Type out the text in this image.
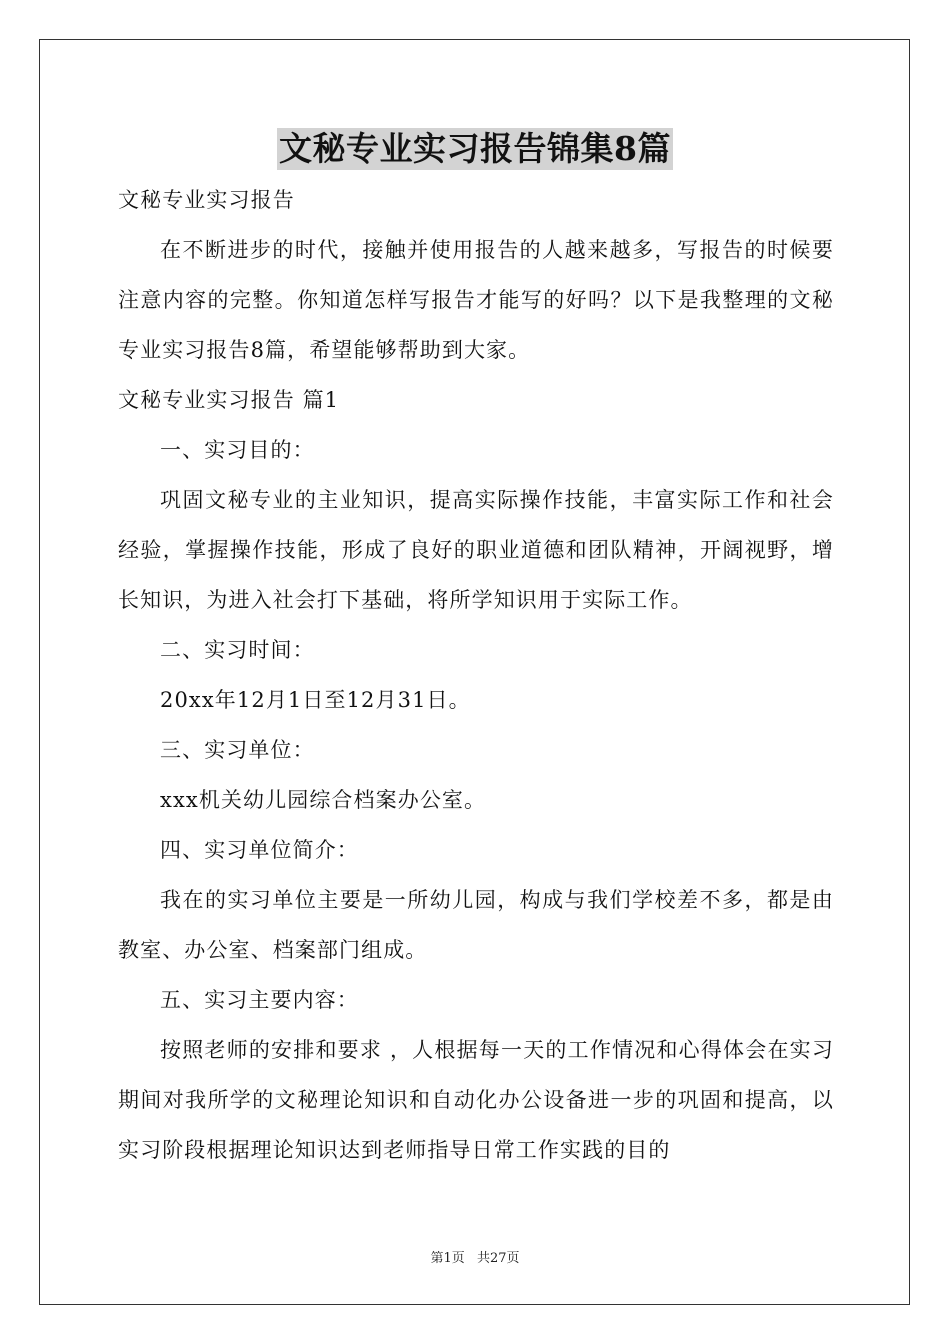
文秘专业实习报告锦集8篇

文秘专业实习报告

在不断进步的时代，接触并使用报告的人越来越多，写报告的时候要注意内容的完整。你知道怎样写报告才能写的好吗？以下是我整理的文秘专业实习报告8篇，希望能够帮助到大家。

文秘专业实习报告 篇1

一、实习目的：

巩固文秘专业的主业知识，提高实际操作技能，丰富实际工作和社会经验，掌握操作技能，形成了良好的职业道德和团队精神，开阔视野，增长知识，为进入社会打下基础，将所学知识用于实际工作。

二、实习时间：

20xx年12月1日至12月31日。

三、实习单位：

xxx机关幼儿园综合档案办公室。

四、实习单位简介：

我在的实习单位主要是一所幼儿园，构成与我们学校差不多，都是由教室、办公室、档案部门组成。

五、实习主要内容：

按照老师的安排和要求 ，人根据每一天的工作情况和心得体会在实习期间对我所学的文秘理论知识和自动化办公设备进一步的巩固和提高，以实习阶段根据理论知识达到老师指导日常工作实践的目的

第1页 共27页
